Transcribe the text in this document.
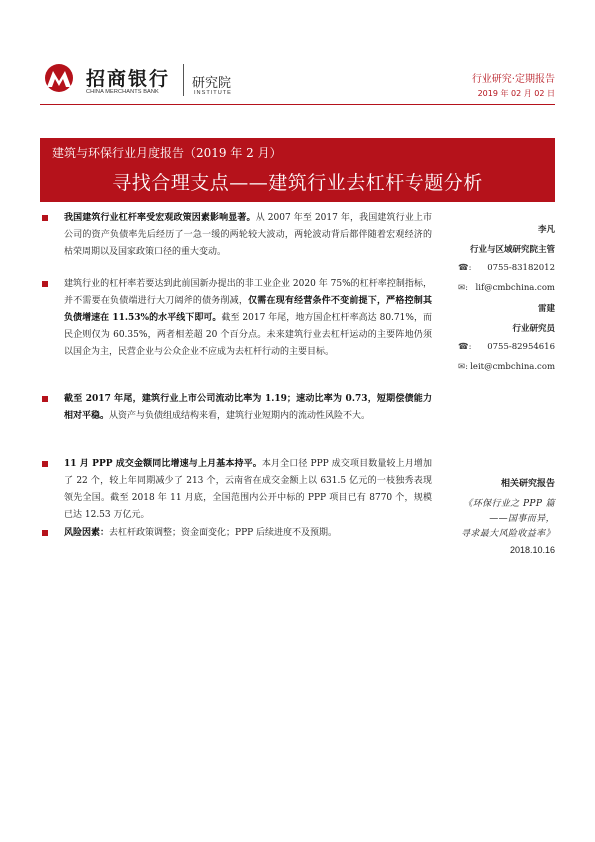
招商银行
CHINA MERCHANTS BANK
研究院
INSTITUTE
行业研究·定期报告
2019 年 02 月 02 日
建筑与环保行业月度报告（2019 年 2 月）
寻找合理支点——建筑行业去杠杆专题分析
我国建筑行业杠杆率受宏观政策因素影响显著。从 2007 年至 2017 年，我国建筑行业上市公司的资产负债率先后经历了一急一缓的两轮较大波动，两轮波动背后都伴随着宏观经济的枯荣周期以及国家政策口径的重大变动。
建筑行业的杠杆率若要达到此前国新办提出的非工业企业 2020 年 75%的杠杆率控制指标，并不需要在负债端进行大刀阔斧的债务削减，仅需在现有经营条件不变前提下，严格控制其负债增速在 11.53%的水平线下即可。截至 2017 年尾，地方国企杠杆率高达 80.71%，而民企则仅为 60.35%，两者相差超 20 个百分点。未来建筑行业去杠杆运动的主要阵地仍须以国企为主，民营企业与公众企业不应成为去杠杆行动的主要目标。
截至 2017 年尾，建筑行业上市公司流动比率为 1.19；速动比率为 0.73，短期偿债能力相对平稳。从资产与负债组成结构来看，建筑行业短期内的流动性风险不大。
11 月 PPP 成交金额同比增速与上月基本持平。本月全口径 PPP 成交项目数量较上月增加了 22 个，较上年同期减少了 213 个，云南省在成交金额上以 631.5 亿元的一枝独秀表现领先全国。截至 2018 年 11 月底，全国范围内公开中标的 PPP 项目已有 8770 个，规模已达 12.53 万亿元。
风险因素：去杠杆政策调整；资金面变化；PPP 后续进度不及预期。
李凡
行业与区域研究院主管
☎: 0755-83182012
✉: lif@cmbchina.com
雷建
行业研究员
☎: 0755-82954616
✉: leit@cmbchina.com
相关研究报告
《环保行业之 PPP 篇
——国事而异，
寻求最大风险收益率》
2018.10.16
